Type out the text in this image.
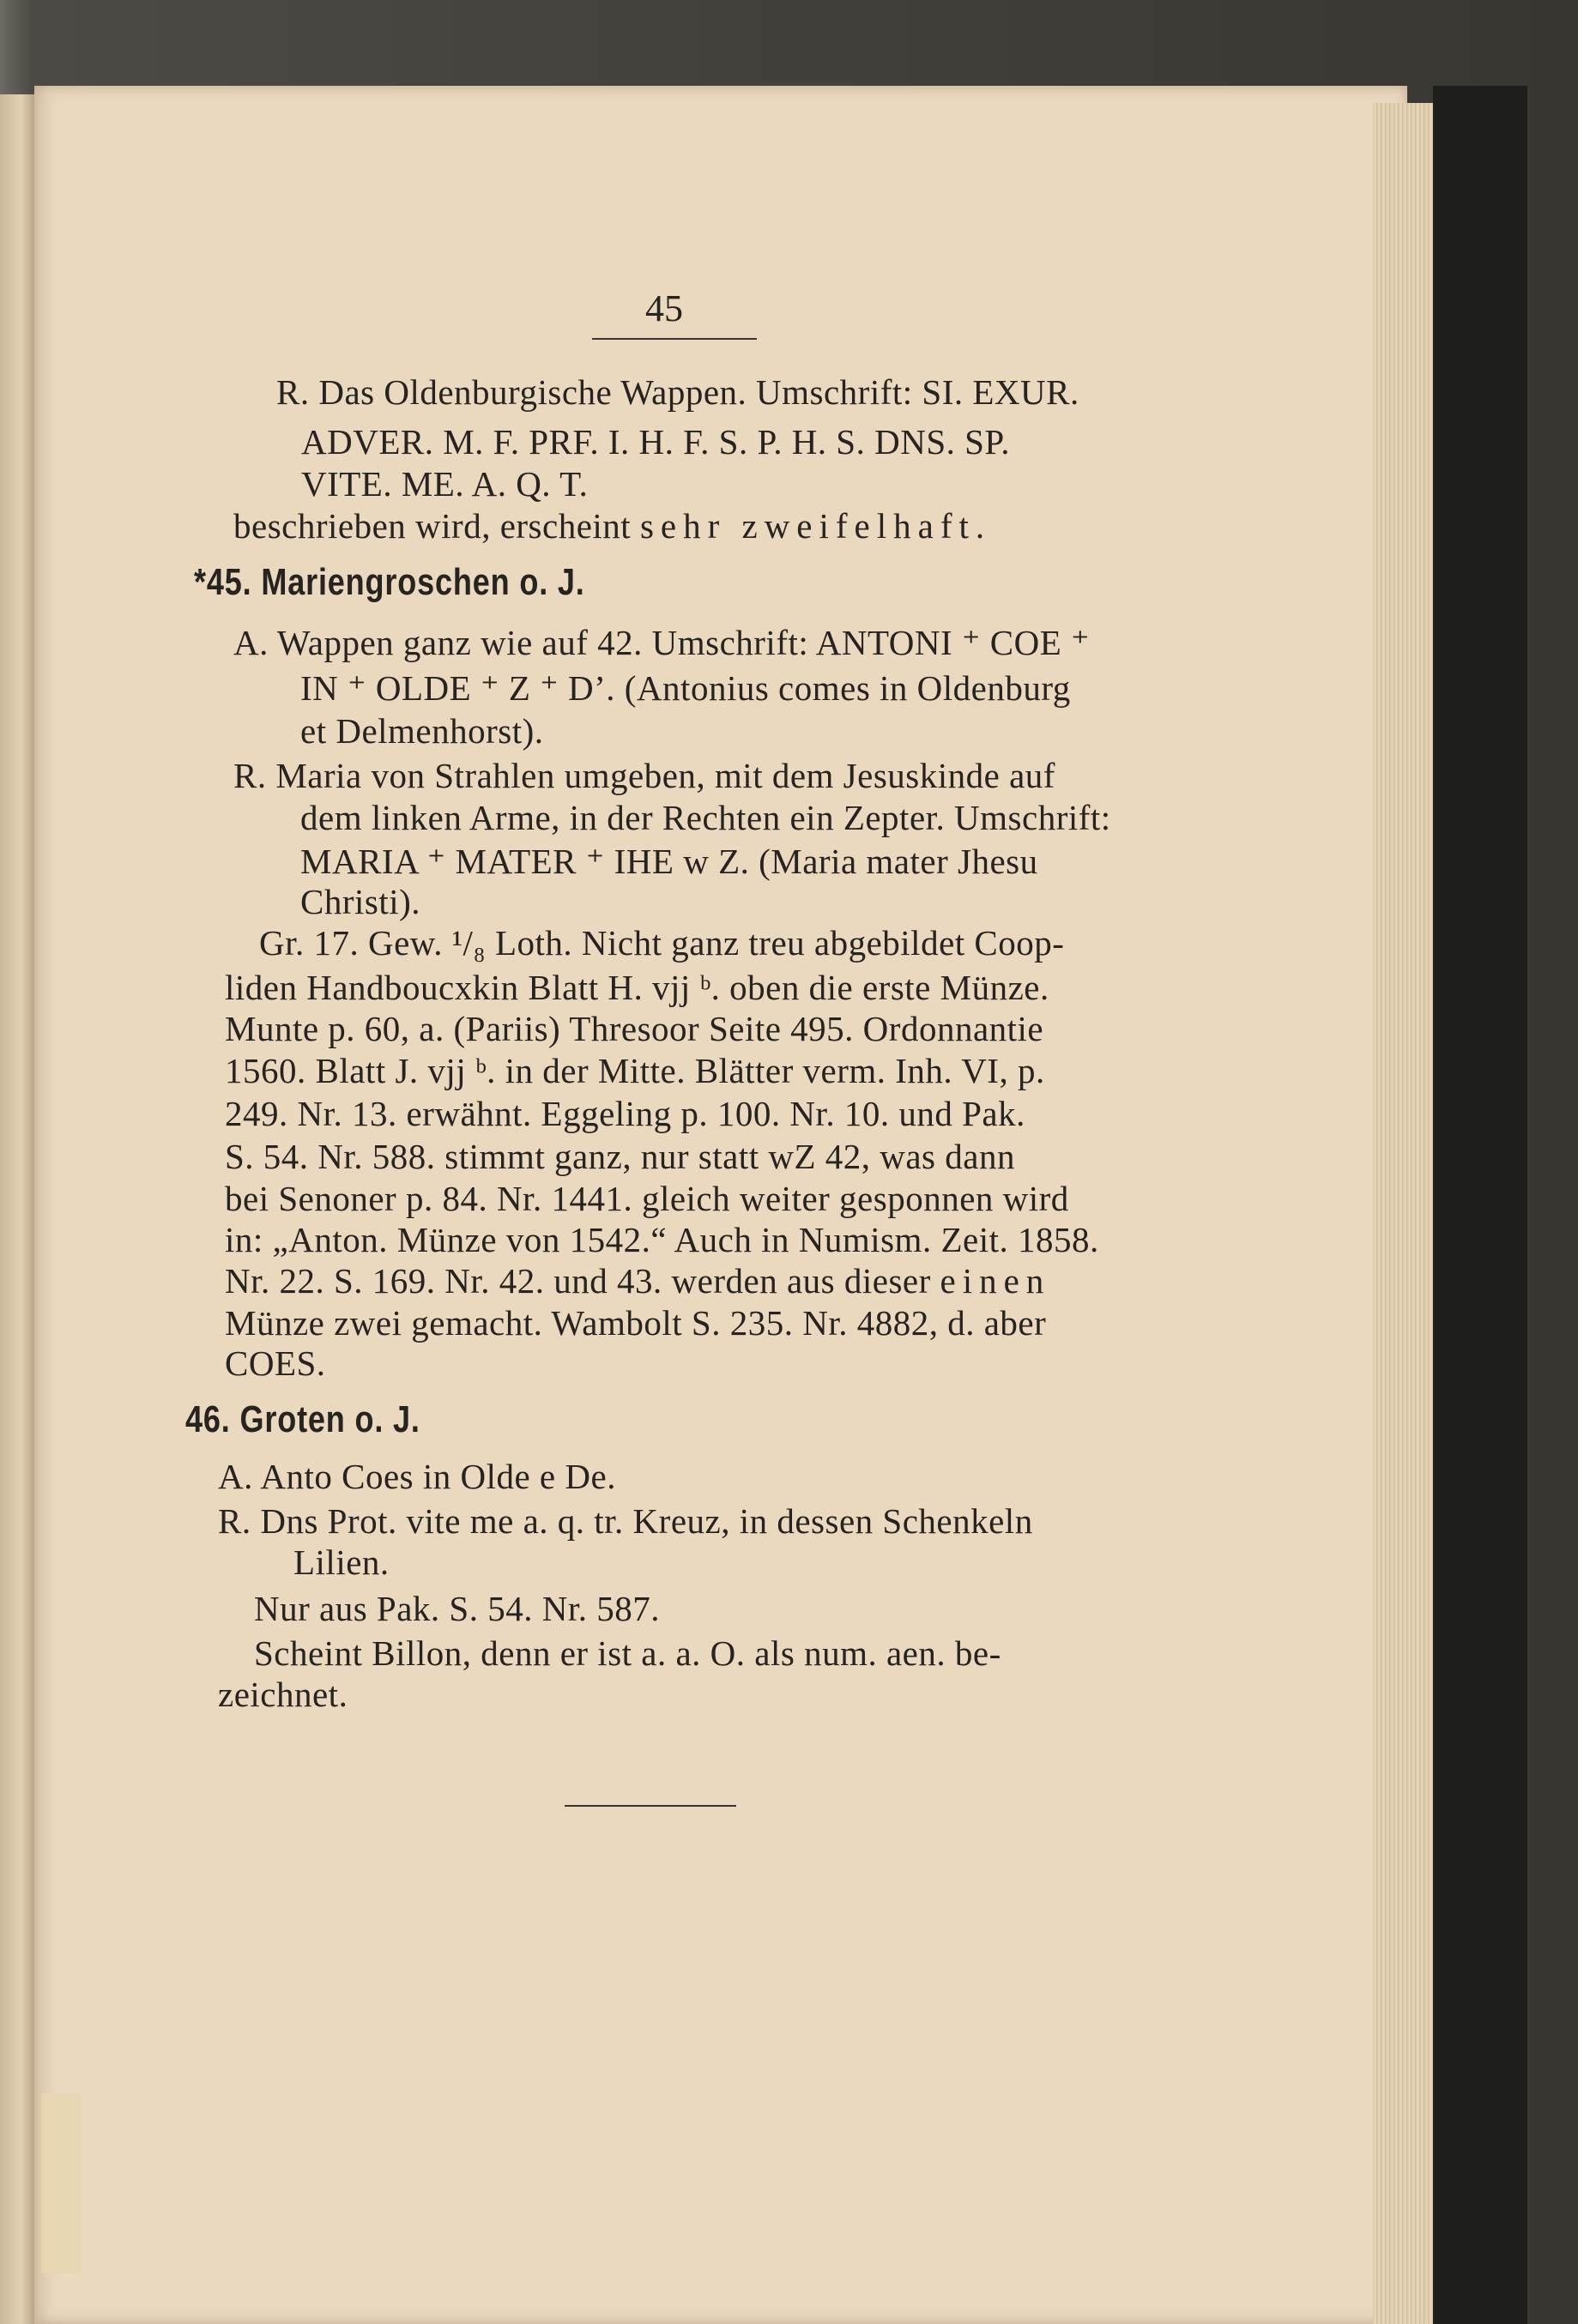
45
R. Das Oldenburgische Wappen. Umschrift: SI. EXUR.
ADVER. M. F. PRF. I. H. F. S. P. H. S. DNS. SP.
VITE. ME. A. Q. T.
beschrieben wird, erscheint sehr zweifelhaft.
*45. Mariengroschen o. J.
A. Wappen ganz wie auf 42. Umschrift: ANTONI ⁺ COE ⁺
IN ⁺ OLDE ⁺ Z ⁺ D’. (Antonius comes in Oldenburg
et Delmenhorst).
R. Maria von Strahlen umgeben, mit dem Jesuskinde auf
dem linken Arme, in der Rechten ein Zepter. Umschrift:
MARIA ⁺ MATER ⁺ IHE w Z. (Maria mater Jhesu
Christi).
Gr. 17. Gew. ¹/₈ Loth. Nicht ganz treu abgebildet Coop-
liden Handboucxkin Blatt H. vjj ᵇ. oben die erste Münze.
Munte p. 60, a. (Pariis) Thresoor Seite 495. Ordonnantie
1560. Blatt J. vjj ᵇ. in der Mitte. Blätter verm. Inh. VI, p.
249. Nr. 13. erwähnt. Eggeling p. 100. Nr. 10. und Pak.
S. 54. Nr. 588. stimmt ganz, nur statt wZ 42, was dann
bei Senoner p. 84. Nr. 1441. gleich weiter gesponnen wird
in: „Anton. Münze von 1542.“ Auch in Numism. Zeit. 1858.
Nr. 22. S. 169. Nr. 42. und 43. werden aus dieser einen
Münze zwei gemacht. Wambolt S. 235. Nr. 4882, d. aber
COES.
46. Groten o. J.
A. Anto Coes in Olde e De.
R. Dns Prot. vite me a. q. tr. Kreuz, in dessen Schenkeln
Lilien.
Nur aus Pak. S. 54. Nr. 587.
Scheint Billon, denn er ist a. a. O. als num. aen. be-
zeichnet.
